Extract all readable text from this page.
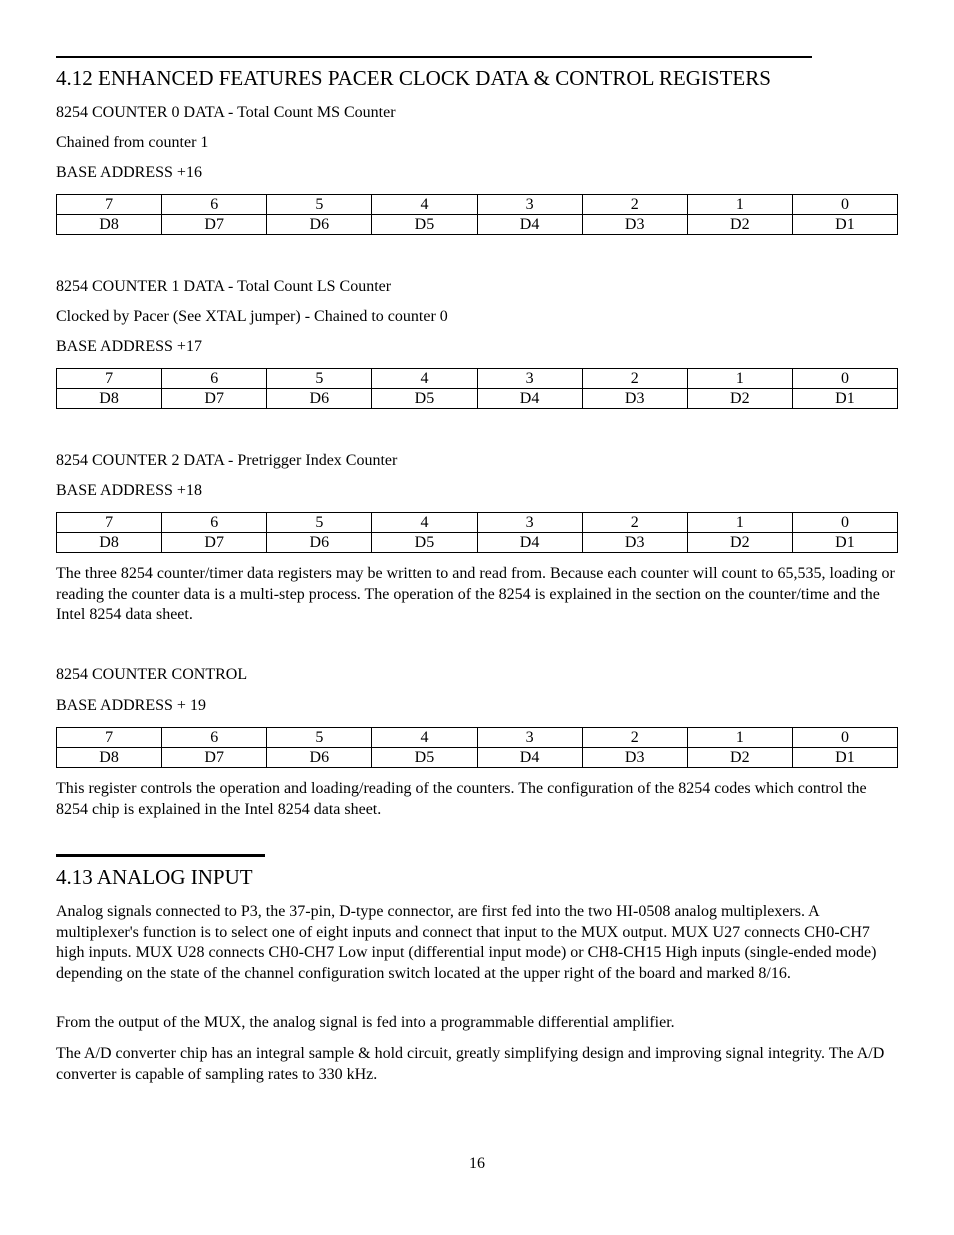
4.12 ENHANCED FEATURES PACER CLOCK DATA & CONTROL REGISTERS
8254 COUNTER 0 DATA - Total Count MS Counter
Chained from counter 1
BASE ADDRESS +16
7	6	5	4	3	2	1	0
D8	D7	D6	D5	D4	D3	D2	D1
8254 COUNTER 1 DATA - Total Count LS Counter
Clocked by Pacer (See XTAL jumper) - Chained to counter 0
BASE ADDRESS +17
7	6	5	4	3	2	1	0
D8	D7	D6	D5	D4	D3	D2	D1
8254 COUNTER 2 DATA - Pretrigger Index Counter
BASE ADDRESS +18
7	6	5	4	3	2	1	0
D8	D7	D6	D5	D4	D3	D2	D1
The three 8254 counter/timer data registers may be written to and read from. Because each counter will count to 65,535, loading or reading the counter data is a multi-step process. The operation of the 8254 is explained in the section on the counter/time and the Intel 8254 data sheet.
8254 COUNTER CONTROL
BASE ADDRESS + 19
7	6	5	4	3	2	1	0
D8	D7	D6	D5	D4	D3	D2	D1
This register controls the operation and loading/reading of the counters. The configuration of the 8254 codes which control the 8254 chip is explained in the Intel 8254 data sheet.
4.13 ANALOG INPUT
Analog signals connected to P3, the 37-pin, D-type connector, are first fed into the two HI-0508 analog multiplexers. A multiplexer's function is to select one of eight inputs and connect that input to the MUX output. MUX U27 connects CH0-CH7 high inputs. MUX U28 connects CH0-CH7 Low input (differential input mode) or CH8-CH15 High inputs (single-ended mode) depending on the state of the channel configuration switch located at the upper right of the board and marked 8/16.
From the output of the MUX, the analog signal is fed into a programmable differential amplifier.
The A/D converter chip has an integral sample & hold circuit, greatly simplifying design and improving signal integrity. The A/D converter is capable of sampling rates to 330 kHz.
16
